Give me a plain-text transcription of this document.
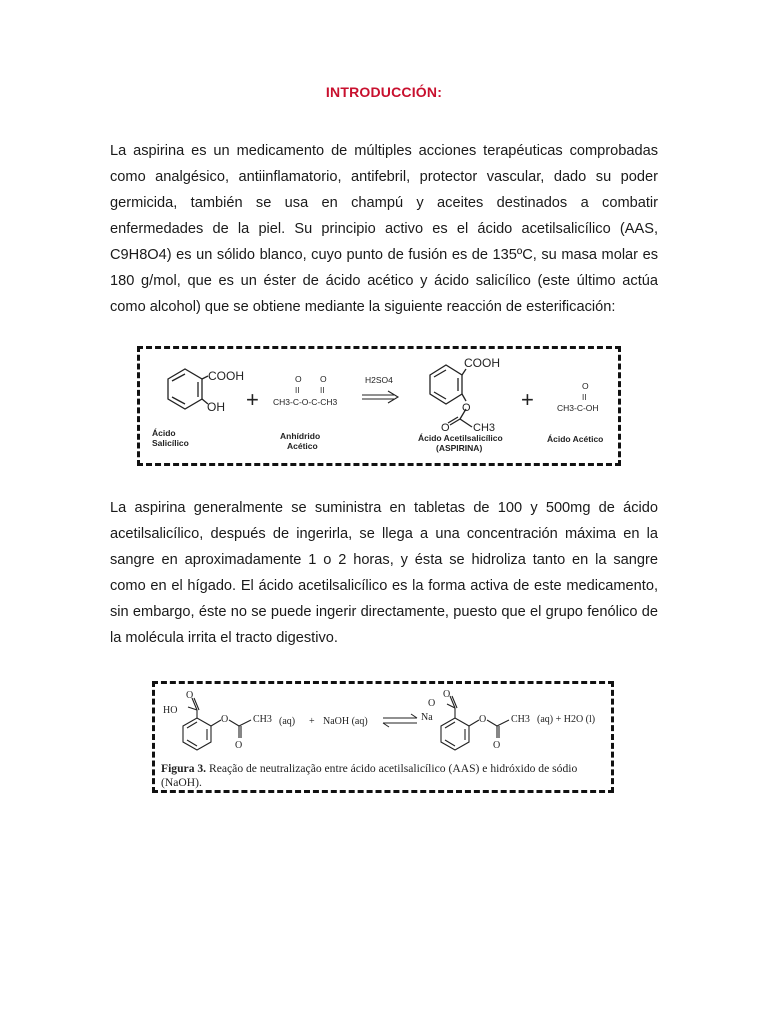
INTRODUCCIÓN:

La aspirina es un medicamento de múltiples acciones terapéuticas comprobadas como analgésico, antiinflamatorio, antifebril, protector vascular, dado su poder germicida, también se usa en champú y aceites destinados a combatir enfermedades de la piel. Su principio activo es el ácido acetilsalicílico (AAS, C9H8O4) es un sólido blanco, cuyo punto de fusión es de 135ºC, su masa molar es 180 g/mol, que es un éster de ácido acético y ácido salicílico (este último actúa como alcohol) que se obtiene mediante la siguiente reacción de esterificación:

COOH
OH
Ácido
Salicílico
+
O O
II	II
CH3-C-O-C-CH3
Anhídrido
Acético
H2SO4
COOH
O
O CH3
Ácido Acetilsalicílico
(ASPIRINA)
+
O
II
CH3-C-OH
Ácido Acético

La aspirina generalmente se suministra en tabletas de 100 y 500mg de ácido acetilsalicílico, después de ingerirla, se llega a una concentración máxima en la sangre en aproximadamente 1 o 2 horas, y ésta se hidroliza tanto en la sangre como en el hígado. El ácido acetilsalicílico es la forma activa de este medicamento, sin embargo, éste no se puede ingerir directamente, puesto que el grupo fenólico de la molécula irrita el tracto digestivo.

HO
O
O
O
CH3 (aq) + NaOH (aq)	Na
O
O
O
O
CH3 (aq) + H2O (l)
Figura 3. Reação de neutralização entre ácido acetilsalicílico (AAS) e hidróxido de sódio (NaOH).
